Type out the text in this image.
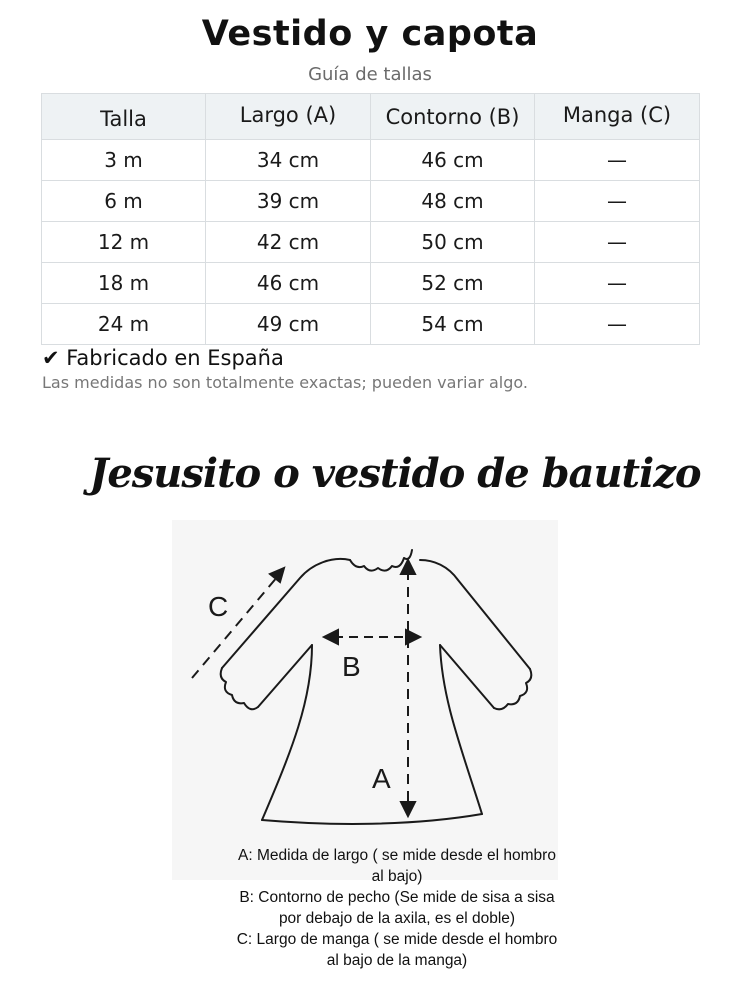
Vestido y capota
Guía de tallas
Talla	Largo (A)	Contorno (B)	Manga (C)
3 m	34 cm	46 cm	—
6 m	39 cm	48 cm	—
12 m	42 cm	50 cm	—
18 m	46 cm	52 cm	—
24 m	49 cm	54 cm	—
✔ Fabricado en España
Las medidas no son totalmente exactas; pueden variar algo.
Jesusito o vestido de bautizo
C
B
A
A: Medida de largo ( se mide desde el hombro
al bajo)
B: Contorno de pecho (Se mide de sisa a sisa
por debajo de la axila, es el doble)
C: Largo de manga ( se mide desde el hombro
al bajo de la manga)
